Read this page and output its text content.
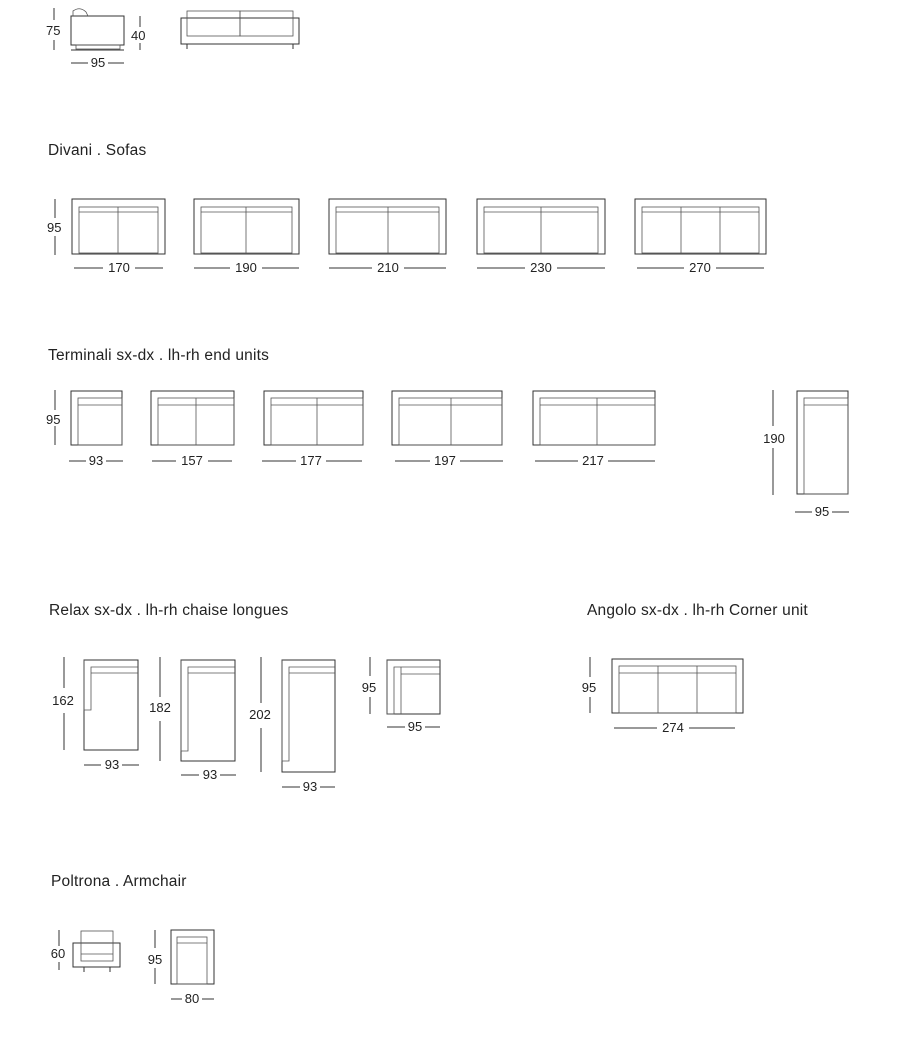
Divani . Sofas
Terminali sx-dx . lh-rh end units
Relax sx-dx . lh-rh chaise longues	Angolo sx-dx . lh-rh Corner unit
Poltrona . Armchair
75	40
95
95
170	190	210	230	270
95
93	157	177	197	217
190
95
162
93
182
93
202
93
95
95
95
274
60	95
80
